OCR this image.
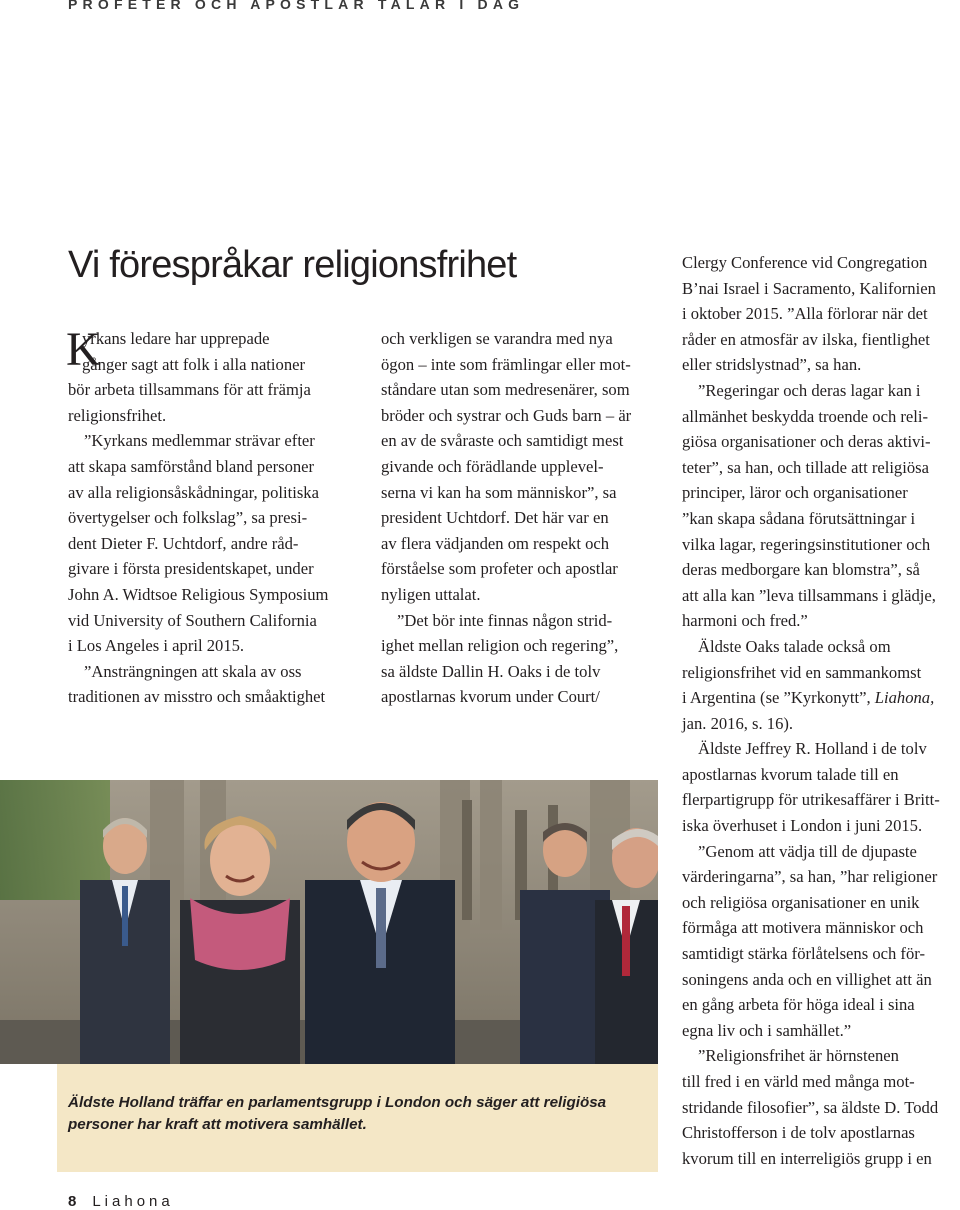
PROFETER OCH APOSTLAR TALAR I DAG
Vi förespråkar religionsfrihet
K
yrkans ledare har upprepade
gånger sagt att folk i alla nationer
bör arbeta tillsammans för att främja
religionsfrihet.
”Kyrkans medlemmar strävar efter
att skapa samförstånd bland personer
av alla religionsåskådningar, politiska
övertygelser och folkslag”, sa presi-
dent Dieter F. Uchtdorf, andre råd-
givare i första presidentskapet, under
John A. Widtsoe Religious Symposium
vid University of Southern California
i Los Angeles i april 2015.
”Ansträngningen att skala av oss
traditionen av misstro och småaktighet
och verkligen se varandra med nya
ögon – inte som främlingar eller mot-
ståndare utan som medresenärer, som
bröder och systrar och Guds barn – är
en av de svåraste och samtidigt mest
givande och förädlande upplevel-
serna vi kan ha som människor”, sa
president Uchtdorf. Det här var en
av flera vädjanden om respekt och
förståelse som profeter och apostlar
nyligen uttalat.
”Det bör inte finnas någon strid-
ighet mellan religion och regering”,
sa äldste Dallin H. Oaks i de tolv
apostlarnas kvorum under Court/
Clergy Conference vid Congregation
B’nai Israel i Sacramento, Kalifornien
i oktober 2015. ”Alla förlorar när det
råder en atmosfär av ilska, fientlighet
eller stridslystnad”, sa han.
”Regeringar och deras lagar kan i
allmänhet beskydda troende och reli-
giösa organisationer och deras aktivi-
teter”, sa han, och tillade att religiösa
principer, läror och organisationer
”kan skapa sådana förutsättningar i
vilka lagar, regeringsinstitutioner och
deras medborgare kan blomstra”, så
att alla kan ”leva tillsammans i glädje,
harmoni och fred.”
Äldste Oaks talade också om
religionsfrihet vid en sammankomst
i Argentina (se ”Kyrkonytt”, Liahona,
jan. 2016, s. 16).
Äldste Jeffrey R. Holland i de tolv
apostlarnas kvorum talade till en
flerpartigrupp för utrikesaffärer i Britt-
iska överhuset i London i juni 2015.
”Genom att vädja till de djupaste
värderingarna”, sa han, ”har religioner
och religiösa organisationer en unik
förmåga att motivera människor och
samtidigt stärka förlåtelsens och för-
soningens anda och en villighet att än
en gång arbeta för höga ideal i sina
egna liv och i samhället.”
”Religionsfrihet är hörnstenen
till fred i en värld med många mot-
stridande filosofier”, sa äldste D. Todd
Christofferson i de tolv apostlarnas
kvorum till en interreligiös grupp i en
Äldste Holland träffar en parlamentsgrupp i London och säger att religiösa
personer har kraft att motivera samhället.
8 Liahona
